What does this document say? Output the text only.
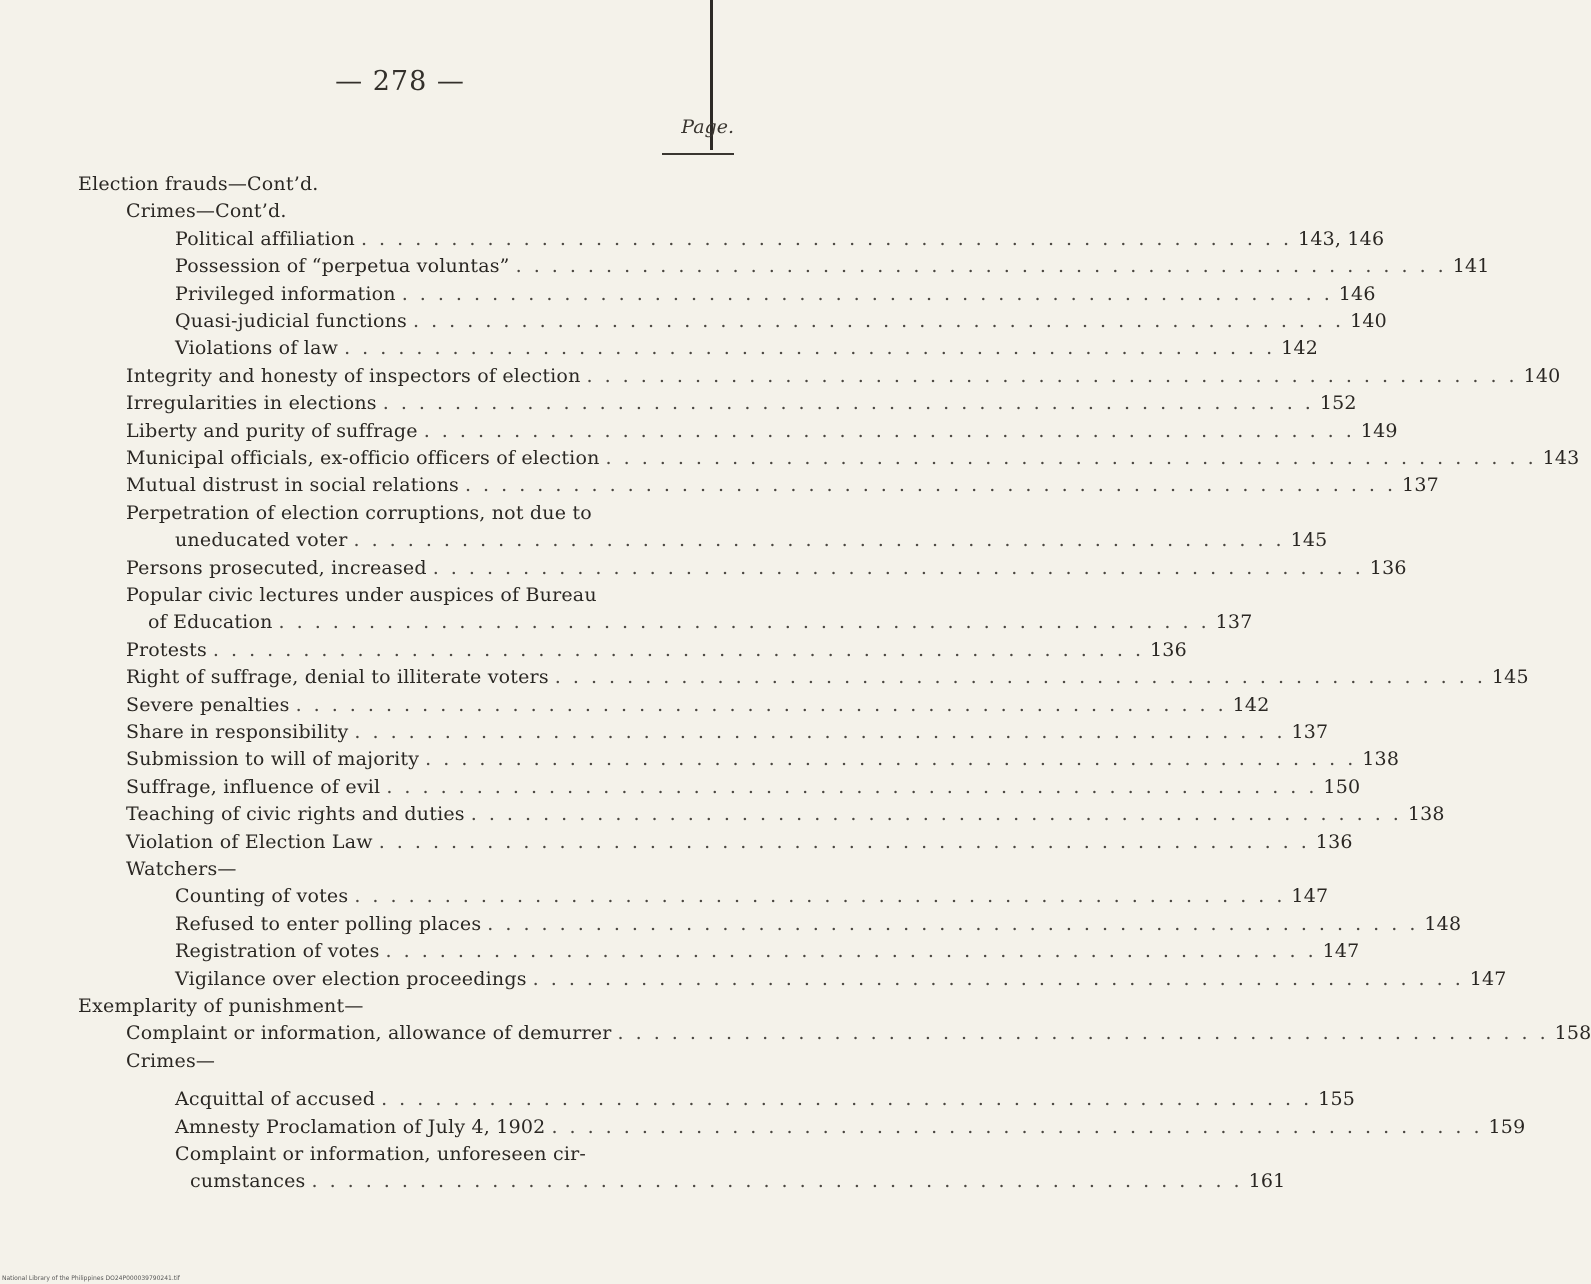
— 278 —
Page.
Election frauds—Cont’d.
Crimes—Cont’d.
Political affiliation . . . . . . . . . . . . . . . . . . . . . . . . . . . . . . . . . . . . . . . . . . . . . . . . . . . . 143, 146
Possession of “perpetua voluntas” . . . . . . . . . . . . . . . . . . . . . . . . . . . . . . . . . . . . . . . . . . . . . . . . . . . . 141
Privileged information . . . . . . . . . . . . . . . . . . . . . . . . . . . . . . . . . . . . . . . . . . . . . . . . . . . . 146
Quasi-judicial functions . . . . . . . . . . . . . . . . . . . . . . . . . . . . . . . . . . . . . . . . . . . . . . . . . . . . 140
Violations of law . . . . . . . . . . . . . . . . . . . . . . . . . . . . . . . . . . . . . . . . . . . . . . . . . . . . 142
Integrity and honesty of inspectors of election . . . . . . . . . . . . . . . . . . . . . . . . . . . . . . . . . . . . . . . . . . . . . . . . . . . . 140
Irregularities in elections . . . . . . . . . . . . . . . . . . . . . . . . . . . . . . . . . . . . . . . . . . . . . . . . . . . . 152
Liberty and purity of suffrage . . . . . . . . . . . . . . . . . . . . . . . . . . . . . . . . . . . . . . . . . . . . . . . . . . . . 149
Municipal officials, ex-officio officers of election . . . . . . . . . . . . . . . . . . . . . . . . . . . . . . . . . . . . . . . . . . . . . . . . . . . . 143
Mutual distrust in social relations . . . . . . . . . . . . . . . . . . . . . . . . . . . . . . . . . . . . . . . . . . . . . . . . . . . . 137
Perpetration of election corruptions, not due to
uneducated voter . . . . . . . . . . . . . . . . . . . . . . . . . . . . . . . . . . . . . . . . . . . . . . . . . . . . 145
Persons prosecuted, increased . . . . . . . . . . . . . . . . . . . . . . . . . . . . . . . . . . . . . . . . . . . . . . . . . . . . 136
Popular civic lectures under auspices of Bureau
of Education . . . . . . . . . . . . . . . . . . . . . . . . . . . . . . . . . . . . . . . . . . . . . . . . . . . . 137
Protests . . . . . . . . . . . . . . . . . . . . . . . . . . . . . . . . . . . . . . . . . . . . . . . . . . . . 136
Right of suffrage, denial to illiterate voters . . . . . . . . . . . . . . . . . . . . . . . . . . . . . . . . . . . . . . . . . . . . . . . . . . . . 145
Severe penalties . . . . . . . . . . . . . . . . . . . . . . . . . . . . . . . . . . . . . . . . . . . . . . . . . . . . 142
Share in responsibility . . . . . . . . . . . . . . . . . . . . . . . . . . . . . . . . . . . . . . . . . . . . . . . . . . . . 137
Submission to will of majority . . . . . . . . . . . . . . . . . . . . . . . . . . . . . . . . . . . . . . . . . . . . . . . . . . . . 138
Suffrage, influence of evil . . . . . . . . . . . . . . . . . . . . . . . . . . . . . . . . . . . . . . . . . . . . . . . . . . . . 150
Teaching of civic rights and duties . . . . . . . . . . . . . . . . . . . . . . . . . . . . . . . . . . . . . . . . . . . . . . . . . . . . 138
Violation of Election Law . . . . . . . . . . . . . . . . . . . . . . . . . . . . . . . . . . . . . . . . . . . . . . . . . . . . 136
Watchers—
Counting of votes . . . . . . . . . . . . . . . . . . . . . . . . . . . . . . . . . . . . . . . . . . . . . . . . . . . . 147
Refused to enter polling places . . . . . . . . . . . . . . . . . . . . . . . . . . . . . . . . . . . . . . . . . . . . . . . . . . . . 148
Registration of votes . . . . . . . . . . . . . . . . . . . . . . . . . . . . . . . . . . . . . . . . . . . . . . . . . . . . 147
Vigilance over election proceedings . . . . . . . . . . . . . . . . . . . . . . . . . . . . . . . . . . . . . . . . . . . . . . . . . . . . 147
Exemplarity of punishment—
Complaint or information, allowance of demurrer . . . . . . . . . . . . . . . . . . . . . . . . . . . . . . . . . . . . . . . . . . . . . . . . . . . . 158
Crimes—
Acquittal of accused . . . . . . . . . . . . . . . . . . . . . . . . . . . . . . . . . . . . . . . . . . . . . . . . . . . . 155
Amnesty Proclamation of July 4, 1902 . . . . . . . . . . . . . . . . . . . . . . . . . . . . . . . . . . . . . . . . . . . . . . . . . . . . 159
Complaint or information, unforeseen cir-
cumstances . . . . . . . . . . . . . . . . . . . . . . . . . . . . . . . . . . . . . . . . . . . . . . . . . . . . 161
National Library of the Philippines DO24P000039790241.tif
